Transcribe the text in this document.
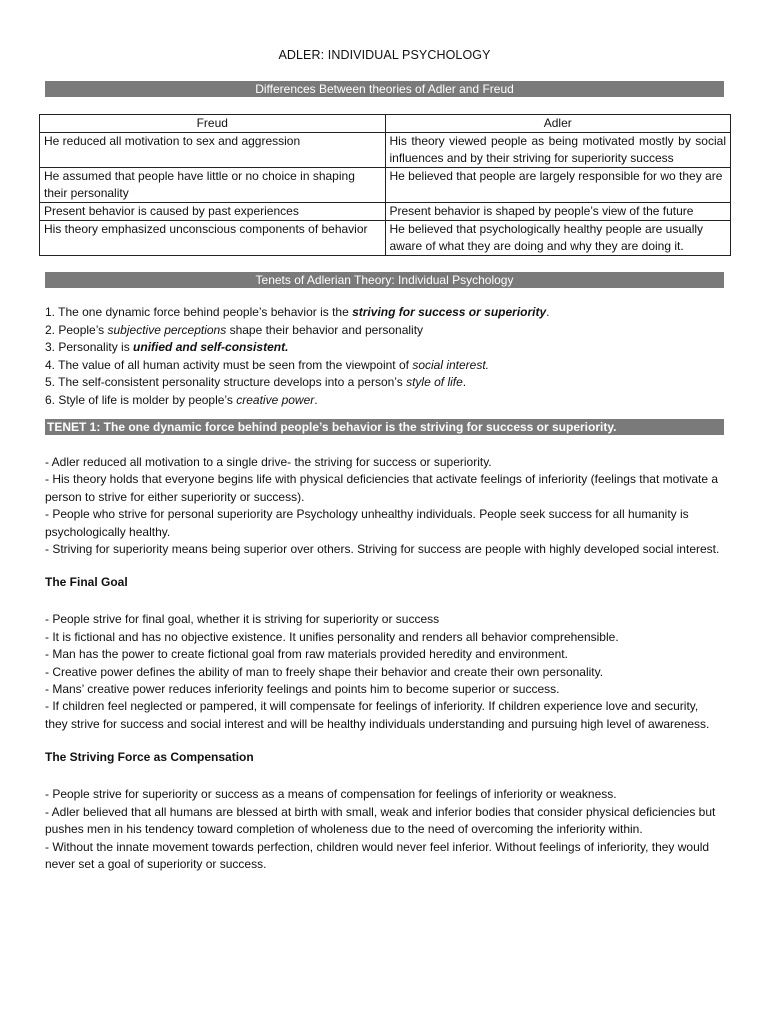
ADLER: INDIVIDUAL PSYCHOLOGY
Differences Between theories of Adler and Freud
Freud	Adler
He reduced all motivation to sex and aggression	His theory viewed people as being motivated mostly by social influences and by their striving for superiority success
He assumed that people have little or no choice in shaping their personality	He believed that people are largely responsible for wo they are
Present behavior is caused by past experiences	Present behavior is shaped by people’s view of the future
His theory emphasized unconscious components of behavior	He believed that psychologically healthy people are usually aware of what they are doing and why they are doing it.
Tenets of Adlerian Theory: Individual Psychology
1. The one dynamic force behind people’s behavior is the striving for success or superiority.
2. People’s subjective perceptions shape their behavior and personality
3. Personality is unified and self-consistent.
4. The value of all human activity must be seen from the viewpoint of social interest.
5. The self-consistent personality structure develops into a person’s style of life.
6. Style of life is molder by people’s creative power.
TENET 1: The one dynamic force behind people’s behavior is the striving for success or superiority.

- Adler reduced all motivation to a single drive- the striving for success or superiority.

- His theory holds that everyone begins life with physical deficiencies that activate feelings of inferiority (feelings that motivate a person to strive for either superiority or success).

- People who strive for personal superiority are Psychology unhealthy individuals. People seek success for all humanity is psychologically healthy.

- Striving for superiority means being superior over others. Striving for success are people with highly developed social interest.

The Final Goal

- People strive for final goal, whether it is striving for superiority or success

- It is fictional and has no objective existence. It unifies personality and renders all behavior comprehensible.

- Man has the power to create fictional goal from raw materials provided heredity and environment.

- Creative power defines the ability of man to freely shape their behavior and create their own personality.

- Mans’ creative power reduces inferiority feelings and points him to become superior or success.

- If children feel neglected or pampered, it will compensate for feelings of inferiority. If children experience love and security, they strive for success and social interest and will be healthy individuals understanding and pursuing high level of awareness.

The Striving Force as Compensation

- People strive for superiority or success as a means of compensation for feelings of inferiority or weakness.

- Adler believed that all humans are blessed at birth with small, weak and inferior bodies that consider physical deficiencies but pushes men in his tendency toward completion of wholeness due to the need of overcoming the inferiority within.

- Without the innate movement towards perfection, children would never feel inferior. Without feelings of inferiority, they would never set a goal of superiority or success.
